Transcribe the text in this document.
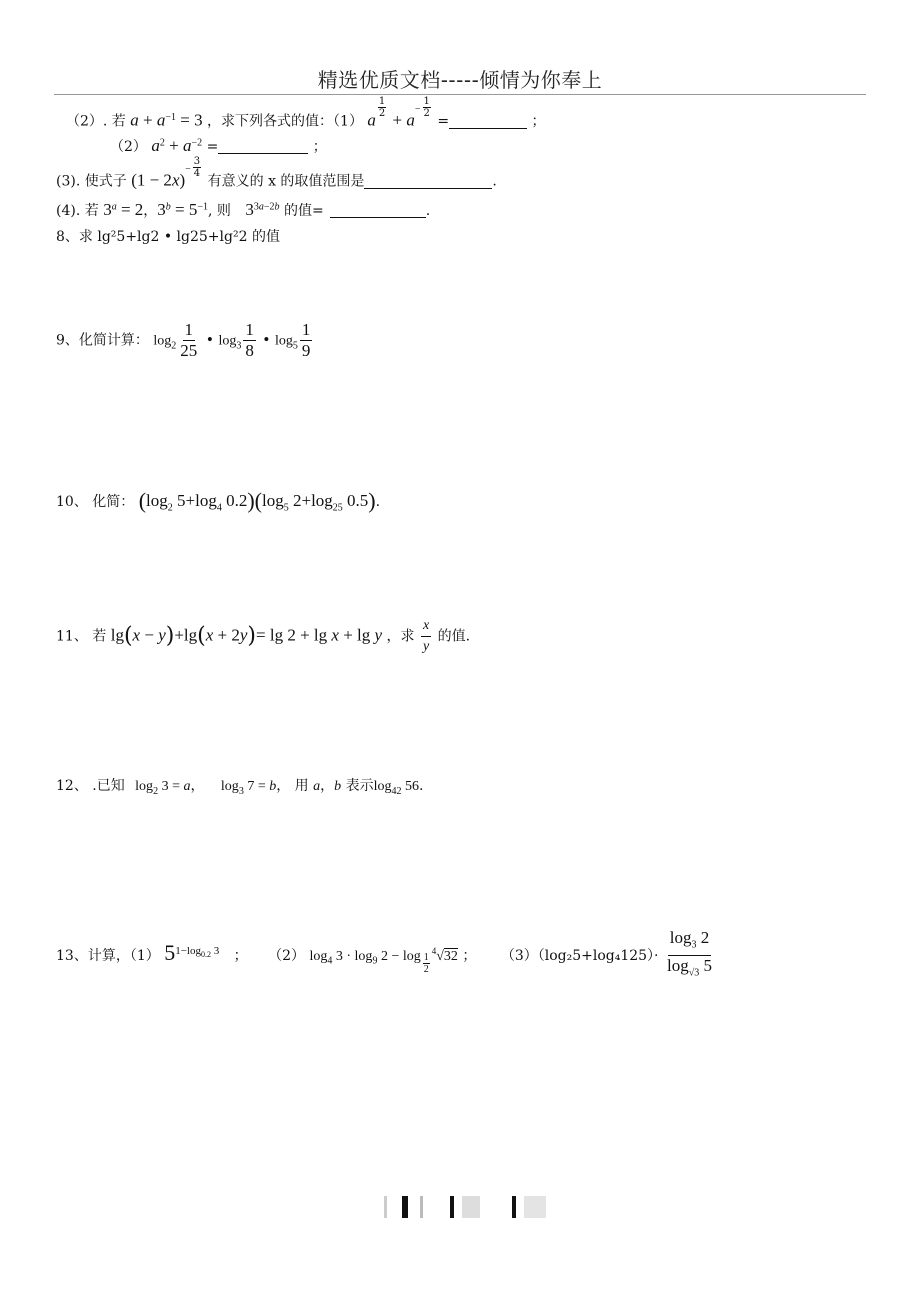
精选优质文档-----倾情为你奉上
（2）. 若 $a + a^{-1} = 3$ ，求下列各式的值：（1） a
$\frac{1}{2}$
+ $a- \frac{1}{2}$
=	；
（2） $a^2 + a^{-2}$ =	；
(3). 使式子 $(1 - 2x)- \frac{3}{4}$
有意义的 x 的取值范围是	.
(4). 若 $3^a = 2$，$3^b = 5^{-1}$, 则 $3^{3a-2b}$ 的值=	.
8、求 lg²5+lg2 • lg25+lg²2 的值
9、化简计算： $\log_2 \frac{1}{25}$ • $\log_3 \frac{1}{8}$ • $\log_5 \frac{1}{9}$
10、 化简： ($\log_2$ $5+\log_4$ $0.2)(\log_5$ $2+\log_{25}$ 0.5).
11、 若 lg(x − y)+lg(x + 2y)= lg 2 + lg x + lg y ，求 $\frac{x}{y}$ 的值.
12、 .已知 $\log_2 3 = a$， $\log_3 7 = b$， 用 a，b 表示$\log_{42} 56$.
13、计算，（1） $5^{1-log_{0.2} 3}$ ； （2） $\log_4 3 \cdot \log_9 2 - \log \frac{1}{2}$
$^4$√32 ； $(3)(\log_25+\log_4125)\cdot \frac{\log_3 2}{\log_{√3} 5}$
